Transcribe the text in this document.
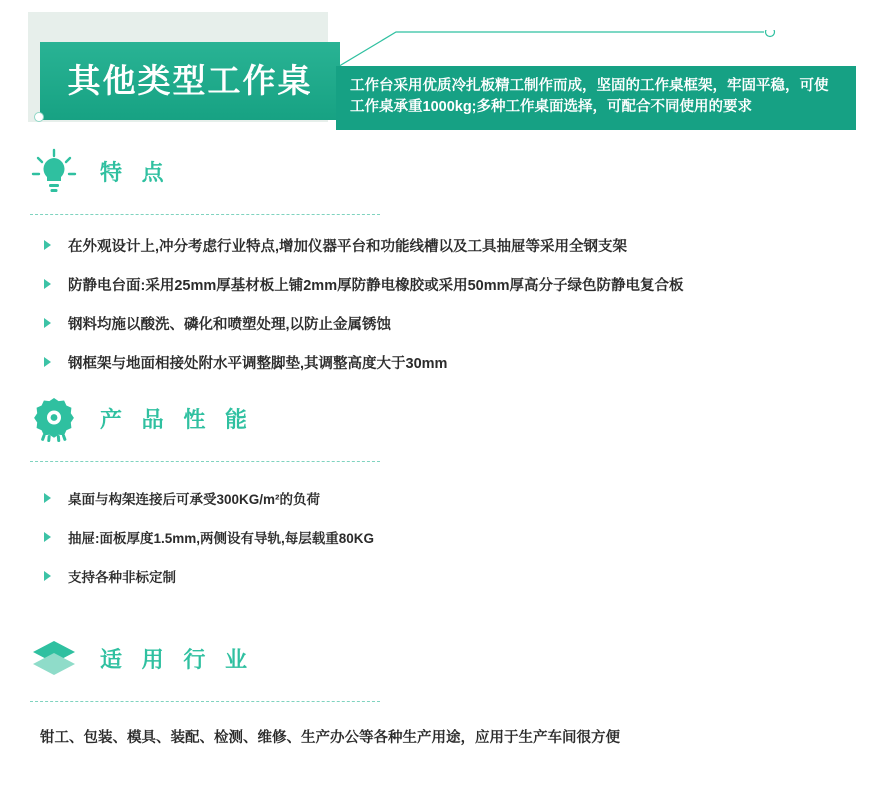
其他类型工作桌	工作台采用优质冷扎板精工制作而成，坚固的工作桌框架，牢固平稳，可使工作桌承重1000kg;多种工作桌面选择，可配合不同使用的要求
特 点
在外观设计上,冲分考虑行业特点,增加仪器平台和功能线槽以及工具抽屉等采用全钢支架
防静电台面:采用25mm厚基材板上铺2mm厚防静电橡胶或采用50mm厚高分子绿色防静电复合板
钢料均施以酸洗、磷化和喷塑处理,以防止金属锈蚀
钢框架与地面相接处附水平调整脚垫,其调整高度大于30mm
产 品 性 能
桌面与构架连接后可承受300KG/m²的负荷
抽屉:面板厚度1.5mm,两侧设有导轨,每层载重80KG
支持各种非标定制
适 用 行 业
钳工、包装、模具、装配、检测、维修、生产办公等各种生产用途，应用于生产车间很方便
